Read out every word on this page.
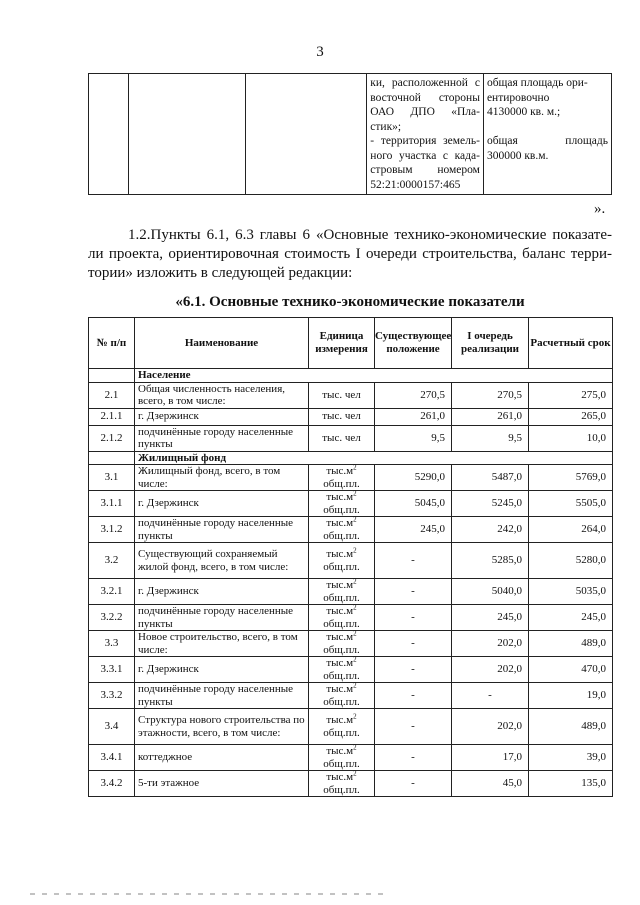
3

ки, расположенной с
восточной стороны
ОАО ДПО «Пла-
стик»;
- территория земель-
ного участка с када-
стровым номером
52:21:0000157:465

общая площадь ори-
ентировочно
4130000 кв. м.;

общая площадь
300000 кв.м.
».
1.2.Пункты 6.1, 6.3 главы 6 «Основные технико-экономические показате-
ли проекта, ориентировочная стоимость I очереди строительства, баланс терри-
тории» изложить в следующей редакции:
«6.1. Основные технико-экономические показатели
№ п/п	Наименование	Единица измерения	Существующее положение	I очередь реализации	Расчетный срок
	Население				
2.1	Общая численность населения, всего, в том числе:	тыс. чел	270,5	270,5	275,0
2.1.1	г. Дзержинск	тыс. чел	261,0	261,0	265,0
2.1.2	подчинённые городу населенные пункты	тыс. чел	9,5	9,5	10,0
	Жилищный фонд				
3.1	Жилищный фонд, всего, в том числе:	$тыс.м^2$
общ.пл.	5290,0	5487,0	5769,0
3.1.1	г. Дзержинск	$тыс.м^2$
общ.пл.	5045,0	5245,0	5505,0
3.1.2	подчинённые городу населенные пункты	$тыс.м^2$
общ.пл.	245,0	242,0	264,0
3.2	Существующий сохраняемый жилой фонд, всего, в том числе:	$тыс.м^2$
общ.пл.	-	5285,0	5280,0
3.2.1	г. Дзержинск	$тыс.м^2$
общ.пл.	-	5040,0	5035,0
3.2.2	подчинённые городу населенные пункты	$тыс.м^2$
общ.пл.	-	245,0	245,0
3.3	Новое строительство, всего, в том числе:	$тыс.м^2$
общ.пл.	-	202,0	489,0
3.3.1	г. Дзержинск	$тыс.м^2$
общ.пл.	-	202,0	470,0
3.3.2	подчинённые городу населенные пункты	$тыс.м^2$
общ.пл.	-	-	19,0
3.4	Структура нового строительства по этажности, всего, в том числе:	$тыс.м^2$
общ.пл.	-	202,0	489,0
3.4.1	коттеджное	$тыс.м^2$
общ.пл.	-	17,0	39,0
3.4.2	5-ти этажное	$тыс.м^2$
общ.пл.	-	45,0	135,0
